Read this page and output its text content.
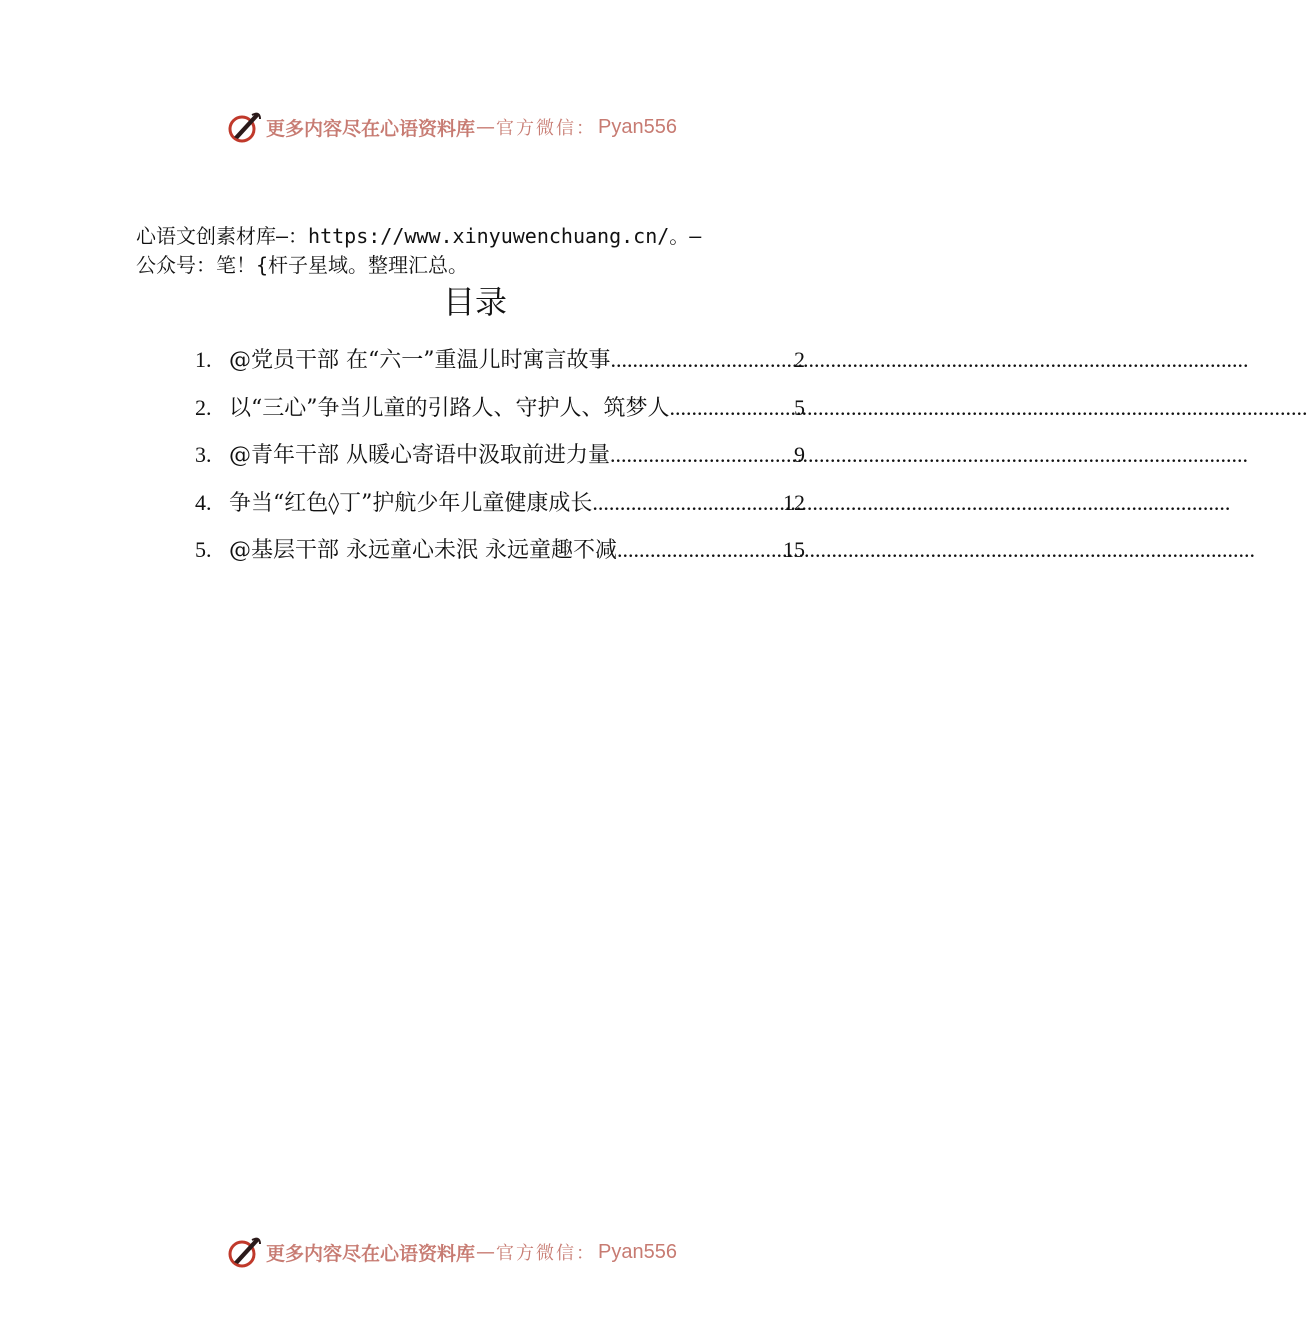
更多内容尽在心语资料库 — 官方微信： Pyan556
心语文创素材库—：https://www.xinyuwenchuang.cn/。—
公众号：笔！{杆子星域。整理汇总。
目录
1. @党员干部 在“六一”重温儿时寓言故事 .....	2
2. 以“三心”争当儿童的引路人、守护人、筑梦人 .....	5
3. @青年干部 从暖心寄语中汲取前进力量 .....	9
4. 争当“红色◊丁”护航少年儿童健康成长 .....	12
5. @基层干部 永远童心未泯 永远童趣不减 .....	15
更多内容尽在心语资料库 — 官方微信： Pyan556
